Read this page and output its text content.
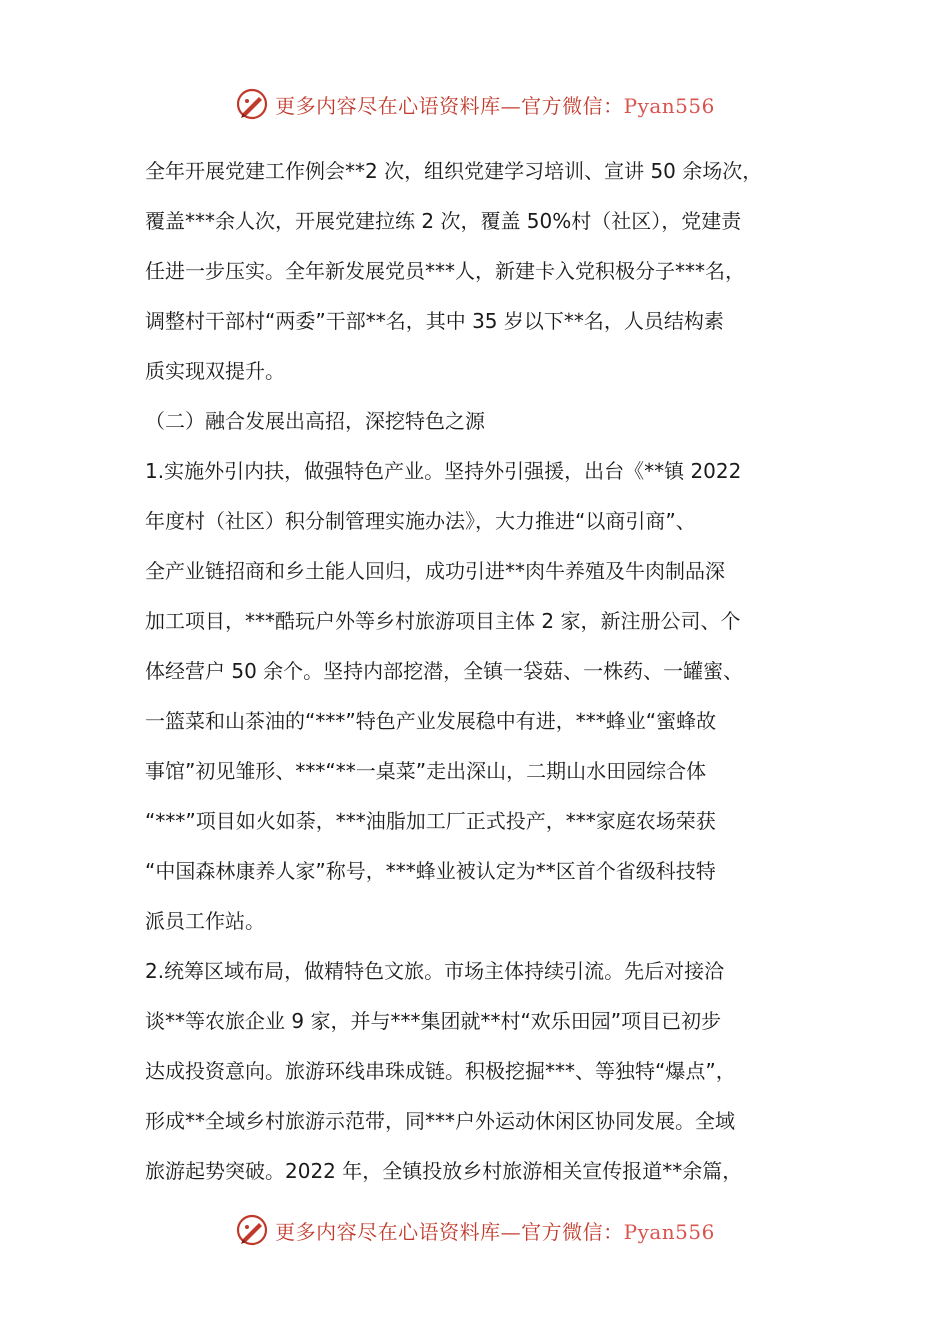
更多内容尽在心语资料库—官方微信：Pyan556
全年开展党建工作例会**2 次，组织党建学习培训、宣讲 50 余场次，
覆盖***余人次，开展党建拉练 2 次，覆盖 50%村（社区），党建责
任进一步压实。全年新发展党员***人，新建卡入党积极分子***名，
调整村干部村“两委”干部**名，其中 35 岁以下**名，人员结构素
质实现双提升。
（二）融合发展出高招，深挖特色之源
1.实施外引内扶，做强特色产业。坚持外引强援，出台《**镇 2022
年度村（社区）积分制管理实施办法》，大力推进“以商引商”、
全产业链招商和乡土能人回归，成功引进**肉牛养殖及牛肉制品深
加工项目，***酷玩户外等乡村旅游项目主体 2 家，新注册公司、个
体经营户 50 余个。坚持内部挖潜，全镇一袋菇、一株药、一罐蜜、
一篮菜和山茶油的“***”特色产业发展稳中有进，***蜂业“蜜蜂故
事馆”初见雏形、***“**一桌菜”走出深山，二期山水田园综合体
“***”项目如火如荼，***油脂加工厂正式投产，***家庭农场荣获
“中国森林康养人家”称号，***蜂业被认定为**区首个省级科技特
派员工作站。
2.统筹区域布局，做精特色文旅。市场主体持续引流。先后对接洽
谈**等农旅企业 9 家，并与***集团就**村“欢乐田园”项目已初步
达成投资意向。旅游环线串珠成链。积极挖掘***、等独特“爆点”，
形成**全域乡村旅游示范带，同***户外运动休闲区协同发展。全域
旅游起势突破。2022 年，全镇投放乡村旅游相关宣传报道**余篇，
更多内容尽在心语资料库—官方微信：Pyan556
